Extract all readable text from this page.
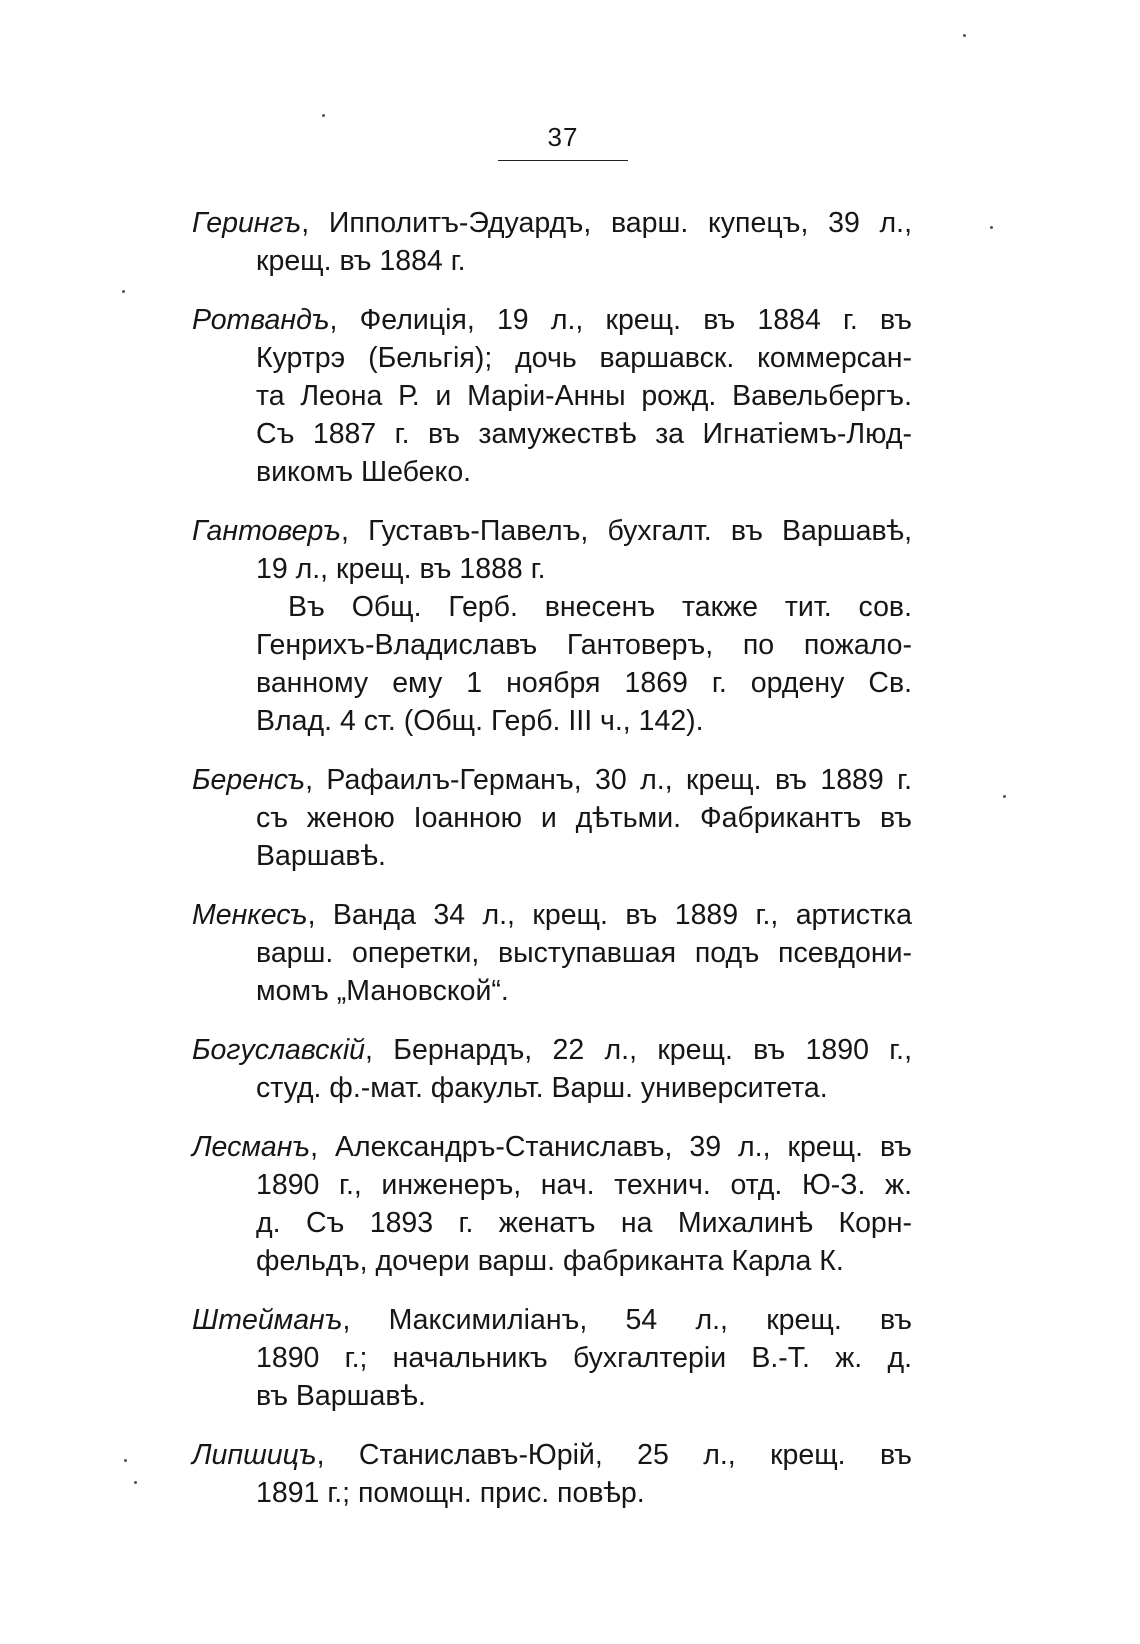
37
Герингъ, Ипполитъ-Эдуардъ, варш. купецъ, 39 л.,
крещ. въ 1884 г.
Ротвандъ, Фелиція, 19 л., крещ. въ 1884 г. въ
Куртрэ (Бельгія); дочь варшавск. коммерсан-
та Леона Р. и Маріи-Анны рожд. Вавельбергъ.
Съ 1887 г. въ замужествѣ за Игнатіемъ-Люд-
викомъ Шебеко.
Гантоверъ, Густавъ-Павелъ, бухгалт. въ Варшавѣ,
19 л., крещ. въ 1888 г.
Въ Общ. Герб. внесенъ также тит. сов.
Генрихъ-Владиславъ Гантоверъ, по пожало-
ванному ему 1 ноября 1869 г. ордену Св.
Влад. 4 ст. (Общ. Герб. III ч., 142).
Беренсъ, Рафаилъ-Германъ, 30 л., крещ. въ 1889 г.
съ женою Іоанною и дѣтьми. Фабрикантъ въ
Варшавѣ.
Менкесъ, Ванда 34 л., крещ. въ 1889 г., артистка
варш. оперетки, выступавшая подъ псевдони-
момъ „Мановской“.
Богуславскій, Бернардъ, 22 л., крещ. въ 1890 г.,
студ. ф.-мат. факульт. Варш. университета.
Лесманъ, Александръ-Станиславъ, 39 л., крещ. въ
1890 г., инженеръ, нач. технич. отд. Ю-З. ж.
д. Съ 1893 г. женатъ на Михалинѣ Корн-
фельдъ, дочери варш. фабриканта Карла К.
Штейманъ, Максимиліанъ, 54 л., крещ. въ
1890 г.; начальникъ бухгалтеріи В.-Т. ж. д.
въ Варшавѣ.
Липшицъ, Станиславъ-Юрій, 25 л., крещ. въ
1891 г.; помощн. прис. повѣр.
